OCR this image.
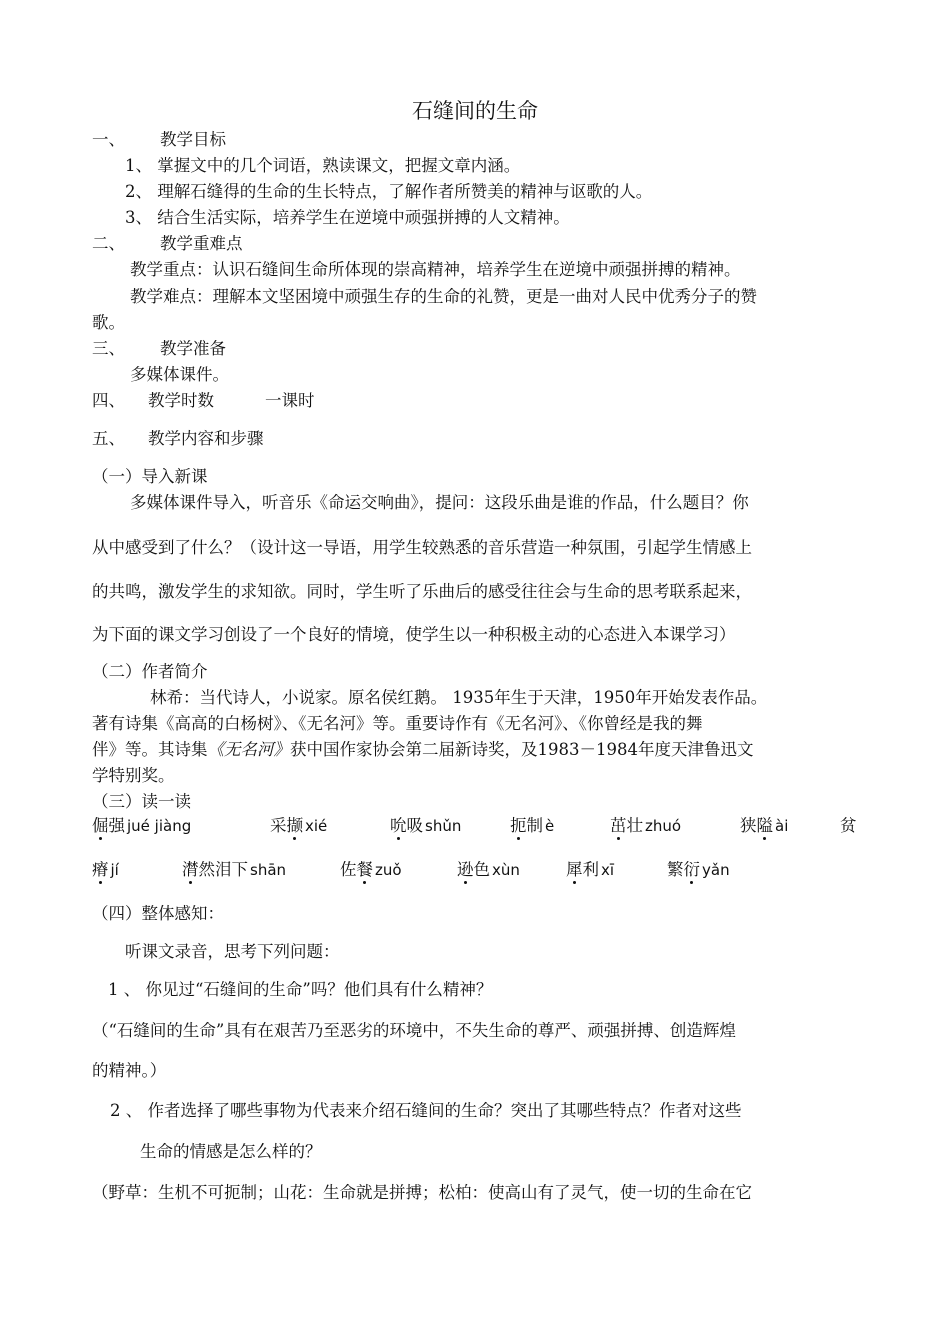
石缝间的生命
一、 教学目标
1、 掌握文中的几个词语，熟读课文，把握文章内涵。
2、 理解石缝得的生命的生长特点，了解作者所赞美的精神与讴歌的人。
3、 结合生活实际，培养学生在逆境中顽强拼搏的人文精神。
二、 教学重难点
教学重点：认识石缝间生命所体现的崇高精神，培养学生在逆境中顽强拼搏的精神。
教学难点：理解本文坚困境中顽强生存的生命的礼赞，更是一曲对人民中优秀分子的赞
歌。
三、 教学准备
多媒体课件。
四、 教学时数	一课时
五、 教学内容和步骤
（一）导入新课
多媒体课件导入，听音乐《命运交响曲》，提问：这段乐曲是谁的作品，什么题目？你
从中感受到了什么？（设计这一导语，用学生较熟悉的音乐营造一种氛围，引起学生情感上
的共鸣，激发学生的求知欲。同时，学生听了乐曲后的感受往往会与生命的思考联系起来，
为下面的课文学习创设了一个良好的情境，使学生以一种积极主动的心态进入本课学习）
（二）作者简介
林希：当代诗人，小说家。原名侯红鹅。 1935年生于天津，1950年开始发表作品。
著有诗集《高高的白杨树》、《无名河》等。重要诗作有《无名河》、《你曾经是我的舞
伴》等。其诗集《无名河》获中国作家协会第二届新诗奖，及1983－1984年度天津鲁迅文
学特别奖。
（三）读一读
倔强 jué jiàng	采撷 xié	吮吸 shǔn	扼制 è	茁壮 zhuó	狭隘 ài	贫
瘠 jí	潸然泪下 shān	佐餐 zuǒ	逊色 xùn	犀利 xī	繁衍 yǎn
（四）整体感知：
听课文录音，思考下列问题：
1 、 你见过“石缝间的生命”吗？他们具有什么精神？
（“石缝间的生命”具有在艰苦乃至恶劣的环境中，不失生命的尊严、顽强拼搏、创造辉煌
的精神。）
2 、 作者选择了哪些事物为代表来介绍石缝间的生命？突出了其哪些特点？作者对这些
生命的情感是怎么样的？
（野草：生机不可扼制；山花：生命就是拼搏；松柏：使高山有了灵气，使一切的生命在它
